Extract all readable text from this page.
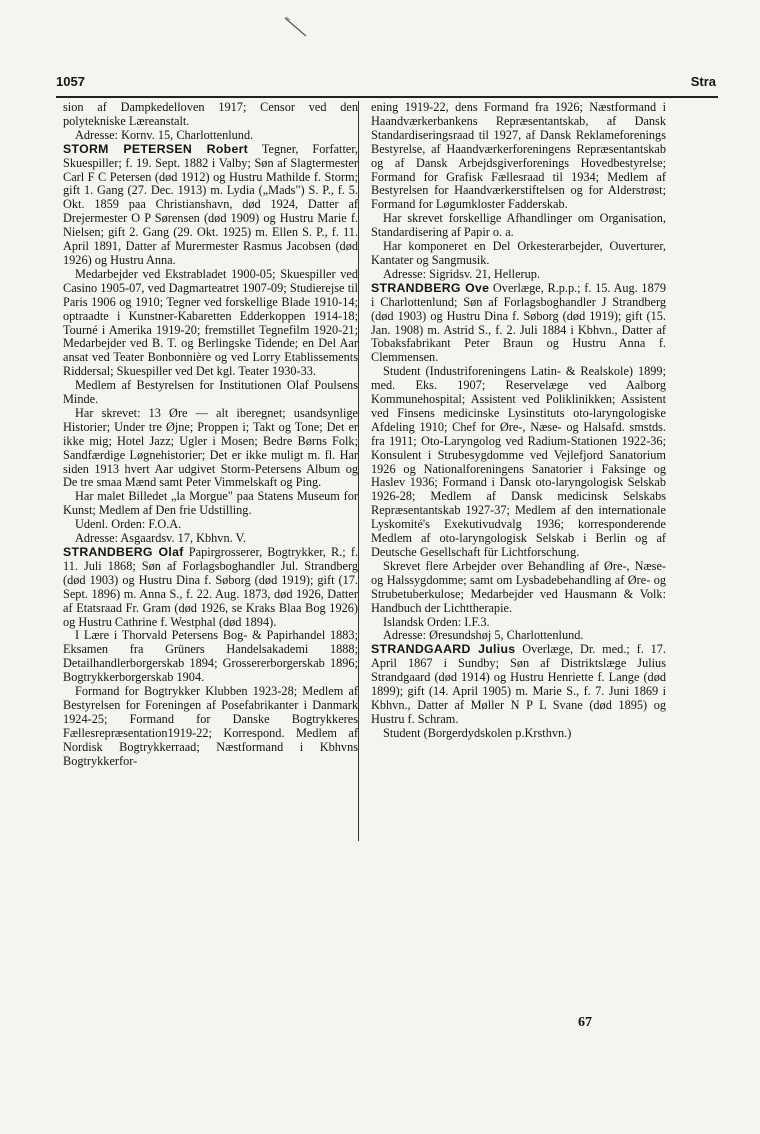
1057	Stra

sion af Dampkedelloven 1917; Censor ved den polytekniske Læreanstalt.

Adresse: Kornv. 15, Charlottenlund.

STORM PETERSEN Robert Tegner, Forfatter, Skuespiller; f. 19. Sept. 1882 i Valby; Søn af Slagtermester Carl F C Petersen (død 1912) og Hustru Mathilde f. Storm; gift 1. Gang (27. Dec. 1913) m. Lydia („Mads") S. P., f. 5. Okt. 1859 paa Christianshavn, død 1924, Datter af Drejermester O P Sørensen (død 1909) og Hustru Marie f. Nielsen; gift 2. Gang (29. Okt. 1925) m. Ellen S. P., f. 11. April 1891, Datter af Murermester Rasmus Jacobsen (død 1926) og Hustru Anna.

Medarbejder ved Ekstrabladet 1900-05; Skuespiller ved Casino 1905-07, ved Dagmarteatret 1907-09; Studierejse til Paris 1906 og 1910; Tegner ved forskellige Blade 1910-14; optraadte i Kunstner-Kabaretten Edderkoppen 1914-18; Tourné i Amerika 1919-20; fremstillet Tegnefilm 1920-21; Medarbejder ved B. T. og Berlingske Tidende; en Del Aar ansat ved Teater Bonbonnière og ved Lorry Etablissements Riddersal; Skuespiller ved Det kgl. Teater 1930-33.

Medlem af Bestyrelsen for Institutionen Olaf Poulsens Minde.

Har skrevet: 13 Øre — alt iberegnet; usandsynlige Historier; Under tre Øjne; Proppen i; Takt og Tone; Det er ikke mig; Hotel Jazz; Ugler i Mosen; Bedre Børns Folk; Sandfærdige Løgnehistorier; Det er ikke muligt m. fl. Har siden 1913 hvert Aar udgivet Storm-Petersens Album og De tre smaa Mænd samt Peter Vimmelskaft og Ping.

Har malet Billedet „la Morgue" paa Statens Museum for Kunst; Medlem af Den frie Udstilling.

Udenl. Orden: F.O.A.

Adresse: Asgaardsv. 17, Kbhvn. V.

STRANDBERG Olaf Papirgrosserer, Bogtrykker, R.; f. 11. Juli 1868; Søn af Forlagsboghandler Jul. Strandberg (død 1903) og Hustru Dina f. Søborg (død 1919); gift (17. Sept. 1896) m. Anna S., f. 22. Aug. 1873, død 1926, Datter af Etatsraad Fr. Gram (død 1926, se Kraks Blaa Bog 1926) og Hustru Cathrine f. Westphal (død 1894).

I Lære i Thorvald Petersens Bog- & Papirhandel 1883; Eksamen fra Grüners Handelsakademi 1888; Detailhandlerborgerskab 1894; Grossererborgerskab 1896; Bogtrykkerborgerskab 1904.

Formand for Bogtrykker Klubben 1923-28; Medlem af Bestyrelsen for Foreningen af Posefabrikanter i Danmark 1924-25; Formand for Danske Bogtrykkeres Fællesrepræsentation1919-22; Korrespond. Medlem af Nordisk Bogtrykkerraad; Næstformand i Kbhvns Bogtrykkerfor-

ening 1919-22, dens Formand fra 1926; Næstformand i Haandværkerbankens Repræsentantskab, af Dansk Standardiseringsraad til 1927, af Dansk Reklameforenings Bestyrelse, af Haandværkerforeningens Repræsentantskab og af Dansk Arbejdsgiverforenings Hovedbestyrelse; Formand for Grafisk Fællesraad til 1934; Medlem af Bestyrelsen for Haandværkerstiftelsen og for Alderstrøst; Formand for Løgumkloster Fadderskab.

Har skrevet forskellige Afhandlinger om Organisation, Standardisering af Papir o. a.

Har komponeret en Del Orkesterarbejder, Ouverturer, Kantater og Sangmusik.

Adresse: Sigridsv. 21, Hellerup.

STRANDBERG Ove Overlæge, R.p.p.; f. 15. Aug. 1879 i Charlottenlund; Søn af Forlagsboghandler J Strandberg (død 1903) og Hustru Dina f. Søborg (død 1919); gift (15. Jan. 1908) m. Astrid S., f. 2. Juli 1884 i Kbhvn., Datter af Tobaksfabrikant Peter Braun og Hustru Anna f. Clemmensen.

Student (Industriforeningens Latin- & Realskole) 1899; med. Eks. 1907; Reservelæge ved Aalborg Kommunehospital; Assistent ved Poliklinikken; Assistent ved Finsens medicinske Lysinstituts oto-laryngologiske Afdeling 1910; Chef for Øre-, Næse- og Halsafd. smstds. fra 1911; Oto-Laryngolog ved Radium-Stationen 1922-36; Konsulent i Strubesygdomme ved Vejlefjord Sanatorium 1926 og Nationalforeningens Sanatorier i Faksinge og Haslev 1936; Formand i Dansk oto-laryngologisk Selskab 1926-28; Medlem af Dansk medicinsk Selskabs Repræsentantskab 1927-37; Medlem af den internationale Lyskomité's Exekutivudvalg 1936; korresponderende Medlem af oto-laryngologisk Selskab i Berlin og af Deutsche Gesellschaft für Lichtforschung.

Skrevet flere Arbejder over Behandling af Øre-, Næse- og Halssygdomme; samt om Lysbadebehandling af Øre- og Strubetuberkulose; Medarbejder ved Hausmann & Volk: Handbuch der Lichttherapie.

Islandsk Orden: I.F.3.

Adresse: Øresundshøj 5, Charlottenlund.

STRANDGAARD Julius Overlæge, Dr. med.; f. 17. April 1867 i Sundby; Søn af Distriktslæge Julius Strandgaard (død 1914) og Hustru Henriette f. Lange (død 1899); gift (14. April 1905) m. Marie S., f. 7. Juni 1869 i Kbhvn., Datter af Møller N P L Svane (død 1895) og Hustru f. Schram.

Student (Borgerdydskolen p.Krsthvn.)

67
